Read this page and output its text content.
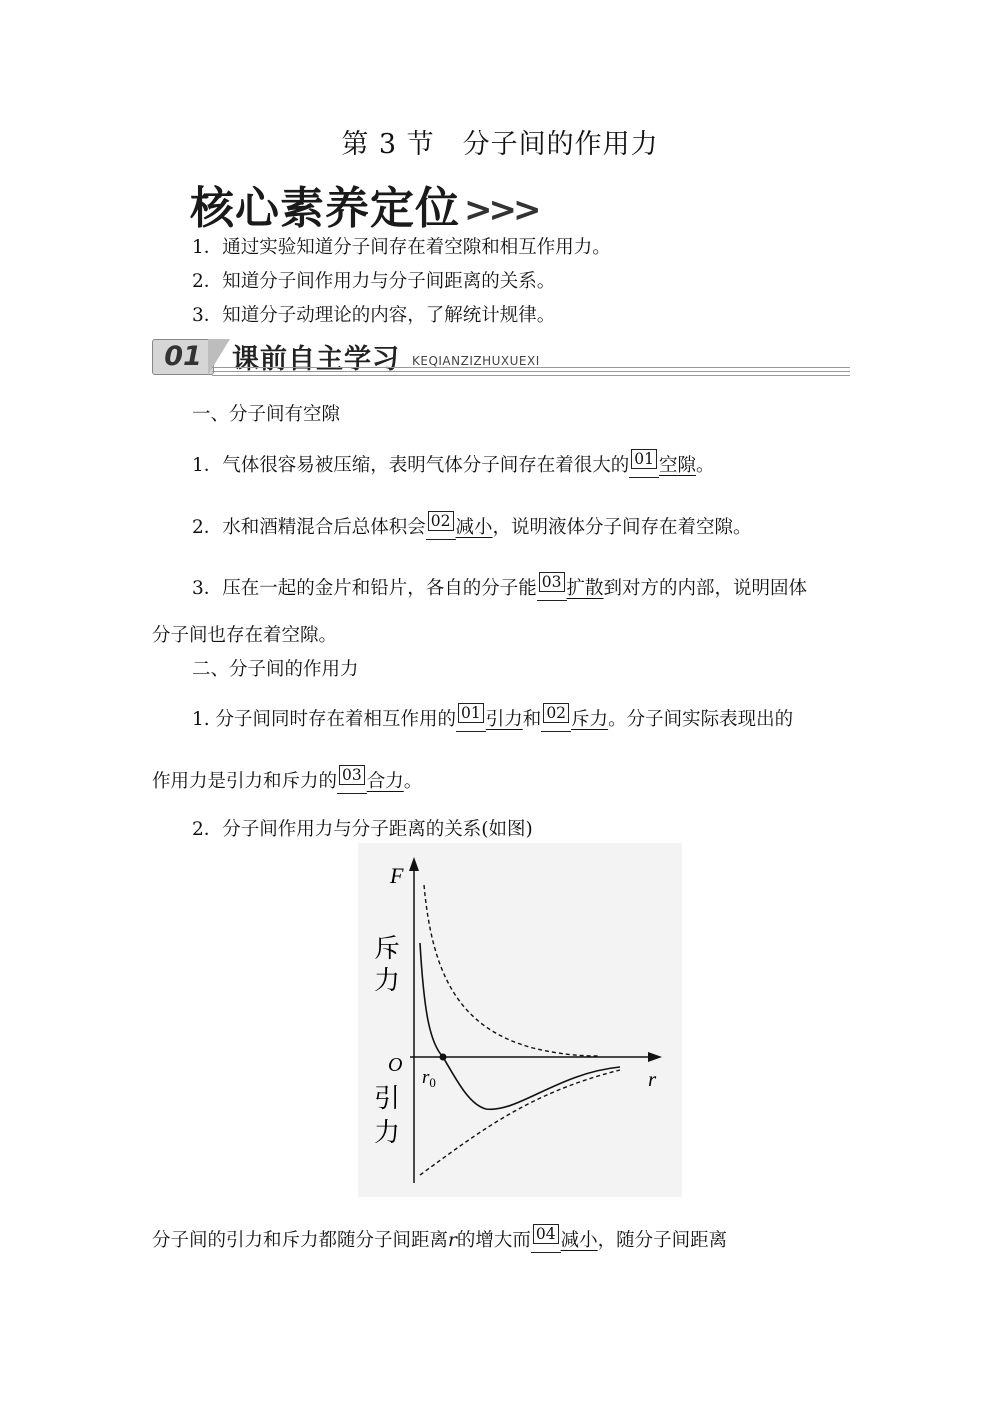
第 3 节　分子间的作用力
核心素养定位 >>>
1．通过实验知道分子间存在着空隙和相互作用力。
2．知道分子间作用力与分子间距离的关系。
3．知道分子动理论的内容，了解统计规律。
01	课前自主学习 KEQIANZIZHUXUEXI
一、分子间有空隙
1．气体很容易被压缩，表明气体分子间存在着很大的 01 空隙。
2．水和酒精混合后总体积会 02 减小，说明液体分子间存在着空隙。
3．压在一起的金片和铅片，各自的分子能 03 扩散到对方的内部，说明固体
分子间也存在着空隙。
二、分子间的作用力
1. 分子间同时存在着相互作用的 01 引力和 02 斥力。分子间实际表现出的
作用力是引力和斥力的 03 合力。
2．分子间作用力与分子距离的关系(如图)
F
r
O
$r_0$
斥
力
引
力
分子间的引力和斥力都随分子间距离r的增大而 04 减小，随分子间距离
